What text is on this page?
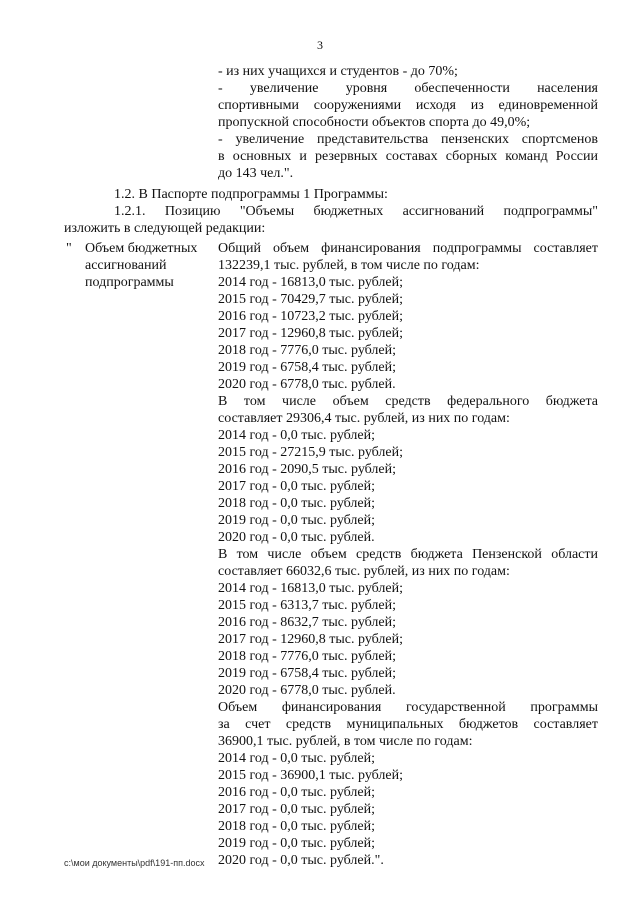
3
- из них учащихся и студентов - до 70%;
- увеличение уровня обеспеченности населения
спортивными сооружениями исходя из единовременной
пропускной способности объектов спорта до 49,0%;
- увеличение представительства пензенских спортсменов
в основных и резервных составах сборных команд России
до 143 чел.".
1.2. В Паспорте подпрограммы 1 Программы:
1.2.1. Позицию "Объемы бюджетных ассигнований подпрограммы"
изложить в следующей редакции:
" Объем бюджетных
ассигнований
подпрограммы
Общий объем финансирования подпрограммы составляет
132239,1 тыс. рублей, в том числе по годам:
2014 год - 16813,0 тыс. рублей;
2015 год - 70429,7 тыс. рублей;
2016 год - 10723,2 тыс. рублей;
2017 год - 12960,8 тыс. рублей;
2018 год - 7776,0 тыс. рублей;
2019 год - 6758,4 тыс. рублей;
2020 год - 6778,0 тыс. рублей.
В том числе объем средств федерального бюджета
составляет 29306,4 тыс. рублей, из них по годам:
2014 год - 0,0 тыс. рублей;
2015 год - 27215,9 тыс. рублей;
2016 год - 2090,5 тыс. рублей;
2017 год - 0,0 тыс. рублей;
2018 год - 0,0 тыс. рублей;
2019 год - 0,0 тыс. рублей;
2020 год - 0,0 тыс. рублей.
В том числе объем средств бюджета Пензенской области
составляет 66032,6 тыс. рублей, из них по годам:
2014 год - 16813,0 тыс. рублей;
2015 год - 6313,7 тыс. рублей;
2016 год - 8632,7 тыс. рублей;
2017 год - 12960,8 тыс. рублей;
2018 год - 7776,0 тыс. рублей;
2019 год - 6758,4 тыс. рублей;
2020 год - 6778,0 тыс. рублей.
Объем финансирования государственной программы
за счет средств муниципальных бюджетов составляет
36900,1 тыс. рублей, в том числе по годам:
2014 год - 0,0 тыс. рублей;
2015 год - 36900,1 тыс. рублей;
2016 год - 0,0 тыс. рублей;
2017 год - 0,0 тыс. рублей;
2018 год - 0,0 тыс. рублей;
2019 год - 0,0 тыс. рублей;
2020 год - 0,0 тыс. рублей.".
c:\мои документы\pdf\191-пп.docx
